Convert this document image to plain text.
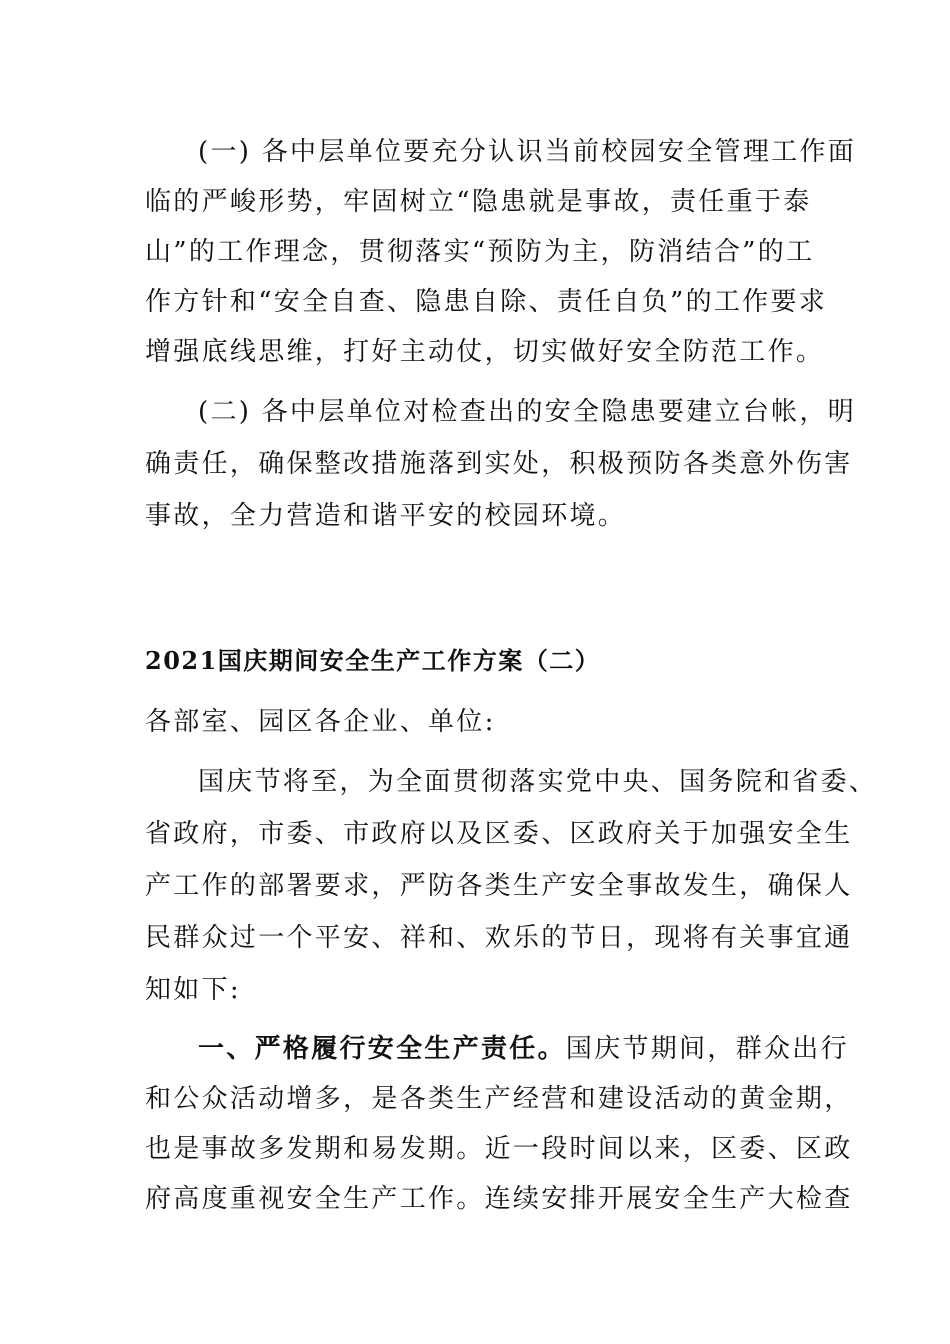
(一) 各中层单位要充分认识当前校园安全管理工作面
临的严峻形势，牢固树立“隐患就是事故，责任重于泰
山”的工作理念，贯彻落实“预防为主，防消结合”的工
作方针和“安全自查、隐患自除、责任自负”的工作要求
增强底线思维，打好主动仗，切实做好安全防范工作。
(二) 各中层单位对检查出的安全隐患要建立台帐，明
确责任，确保整改措施落到实处，积极预防各类意外伤害
事故，全力营造和谐平安的校园环境。
2021国庆期间安全生产工作方案（二）
各部室、园区各企业、单位:
国庆节将至，为全面贯彻落实党中央、国务院和省委、
省政府，市委、市政府以及区委、区政府关于加强安全生
产工作的部署要求，严防各类生产安全事故发生，确保人
民群众过一个平安、祥和、欢乐的节日，现将有关事宜通
知如下:
一、严格履行安全生产责任。国庆节期间，群众出行
和公众活动增多，是各类生产经营和建设活动的黄金期，
也是事故多发期和易发期。近一段时间以来，区委、区政
府高度重视安全生产工作。连续安排开展安全生产大检查
